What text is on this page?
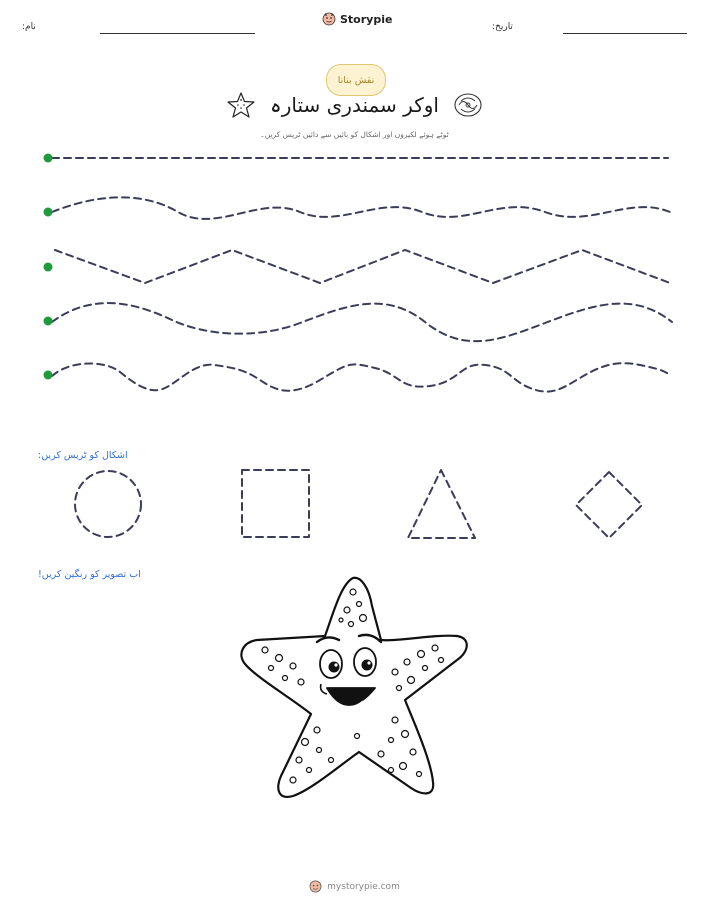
نام:
Storypie
تاریخ:
نقش بنانا
اوکر سمندری ستارہ
ٹوٹے ہوئے لکیروں اور اشکال کو بائیں سے دائیں ٹریس کریں۔
اشکال کو ٹریس کریں:
اب تصویر کو رنگین کریں!
mystorypie.com
